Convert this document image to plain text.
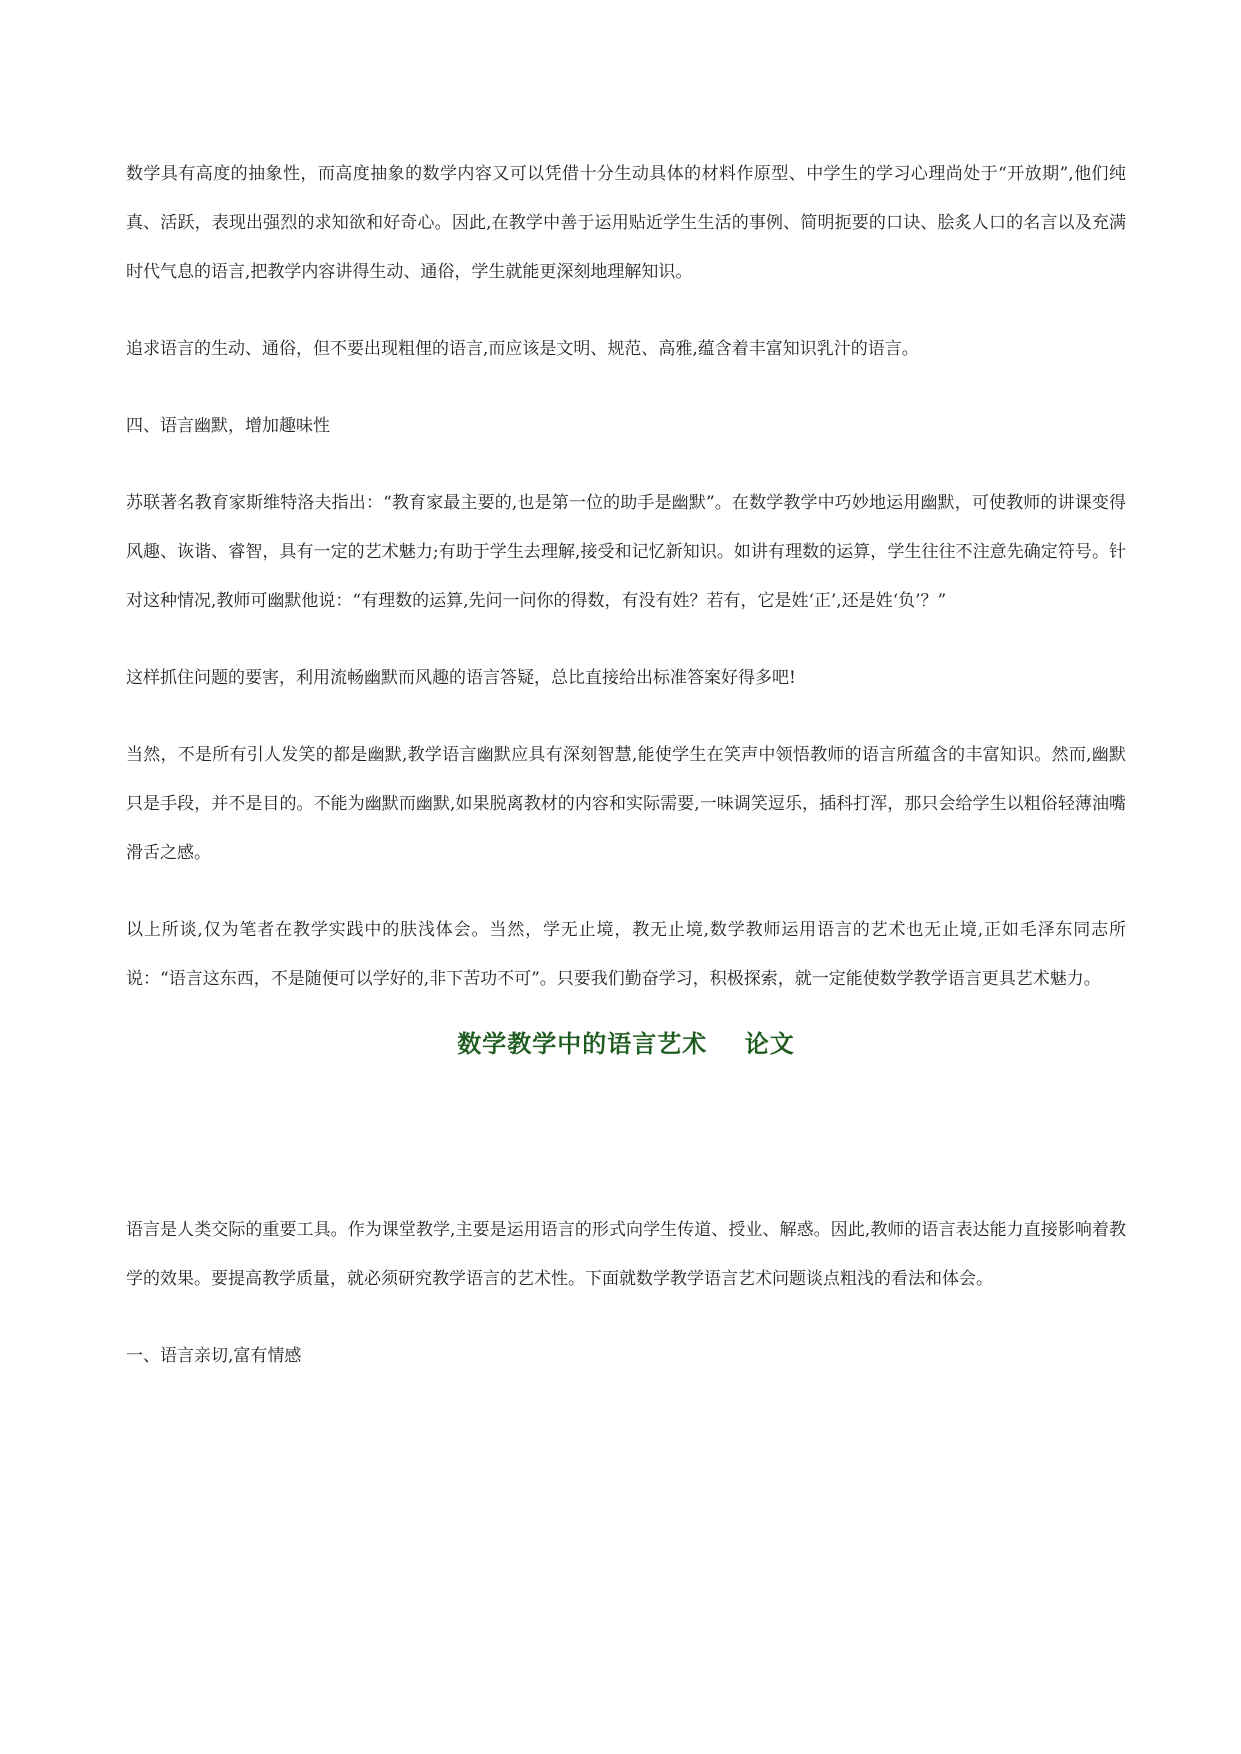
数学具有高度的抽象性，而高度抽象的数学内容又可以凭借十分生动具体的材料作原型、中学生的学习心理尚处于“开放期”,他们纯真、活跃，表现出强烈的求知欲和好奇心。因此,在教学中善于运用贴近学生生活的事例、简明扼要的口诀、脍炙人口的名言以及充满时代气息的语言,把教学内容讲得生动、通俗，学生就能更深刻地理解知识。

追求语言的生动、通俗，但不要出现粗俚的语言,而应该是文明、规范、高雅,蕴含着丰富知识乳汁的语言。

四、语言幽默，增加趣味性

苏联著名教育家斯维特洛夫指出：“教育家最主要的,也是第一位的助手是幽默”。在数学教学中巧妙地运用幽默，可使教师的讲课变得风趣、诙谐、睿智，具有一定的艺术魅力;有助于学生去理解,接受和记忆新知识。如讲有理数的运算，学生往往不注意先确定符号。针对这种情况,教师可幽默他说：“有理数的运算,先问一问你的得数，有没有姓？若有，它是姓‘正’,还是姓‘负’？”

这样抓住问题的要害，利用流畅幽默而风趣的语言答疑，总比直接给出标准答案好得多吧!

当然，不是所有引人发笑的都是幽默,教学语言幽默应具有深刻智慧,能使学生在笑声中领悟教师的语言所蕴含的丰富知识。然而,幽默只是手段，并不是目的。不能为幽默而幽默,如果脱离教材的内容和实际需要,一味调笑逗乐，插科打浑，那只会给学生以粗俗轻薄油嘴滑舌之感。

以上所谈,仅为笔者在教学实践中的肤浅体会。当然，学无止境，教无止境,数学教师运用语言的艺术也无止境,正如毛泽东同志所说：“语言这东西，不是随便可以学好的,非下苦功不可”。只要我们勤奋学习，积极探索，就一定能使数学教学语言更具艺术魅力。

数学教学中的语言艺术    论文

语言是人类交际的重要工具。作为课堂教学,主要是运用语言的形式向学生传道、授业、解惑。因此,教师的语言表达能力直接影响着教学的效果。要提高教学质量，就必须研究教学语言的艺术性。下面就数学教学语言艺术问题谈点粗浅的看法和体会。

一、语言亲切,富有情感
